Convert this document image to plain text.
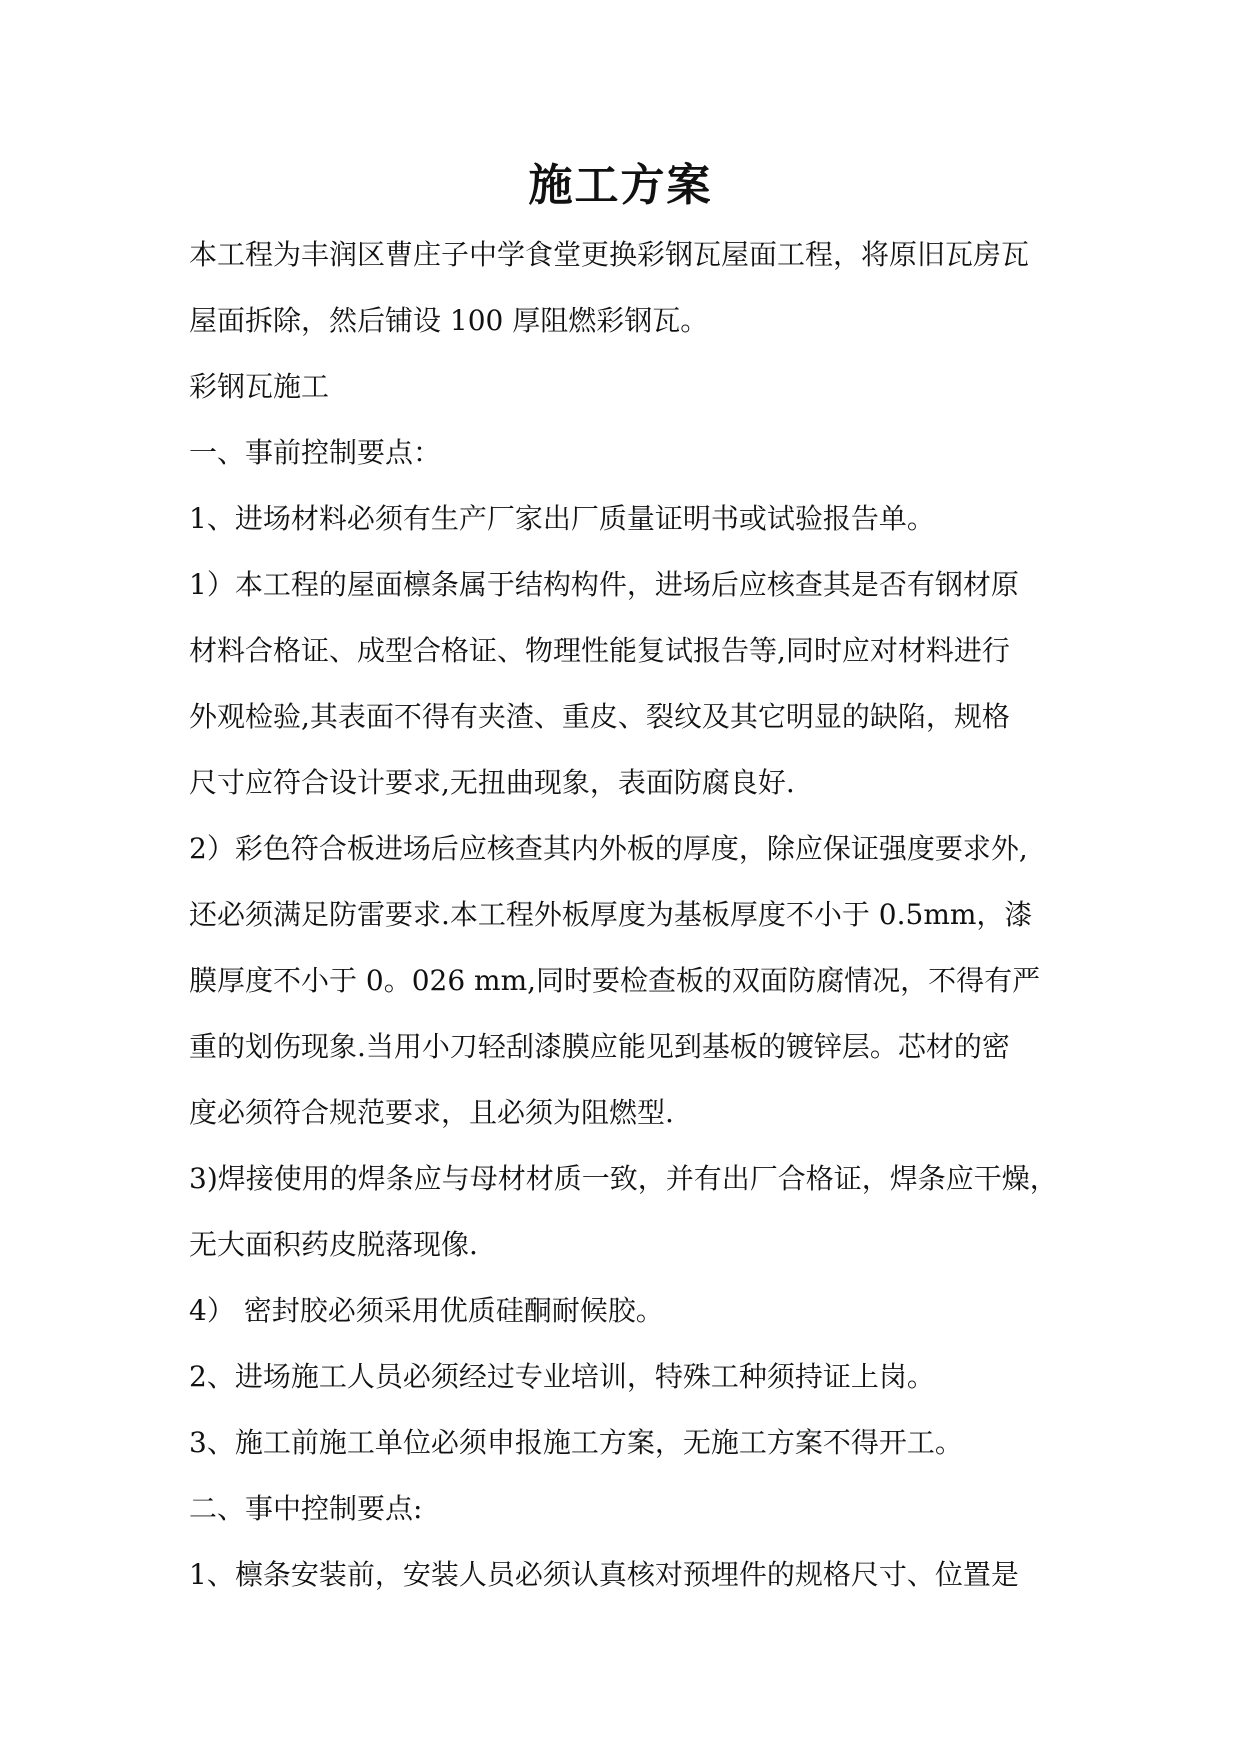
施工方案
本工程为丰润区曹庄子中学食堂更换彩钢瓦屋面工程，将原旧瓦房瓦
屋面拆除，然后铺设 100 厚阻燃彩钢瓦。
彩钢瓦施工
一、事前控制要点：
1、进场材料必须有生产厂家出厂质量证明书或试验报告单。
1）本工程的屋面檩条属于结构构件，进场后应核查其是否有钢材原
材料合格证、成型合格证、物理性能复试报告等,同时应对材料进行
外观检验,其表面不得有夹渣、重皮、裂纹及其它明显的缺陷，规格
尺寸应符合设计要求,无扭曲现象，表面防腐良好.
2）彩色符合板进场后应核查其内外板的厚度，除应保证强度要求外,
还必须满足防雷要求.本工程外板厚度为基板厚度不小于 0.5mm，漆
膜厚度不小于 0。026 mm,同时要检查板的双面防腐情况，不得有严
重的划伤现象.当用小刀轻刮漆膜应能见到基板的镀锌层。芯材的密
度必须符合规范要求，且必须为阻燃型.
3)焊接使用的焊条应与母材材质一致，并有出厂合格证，焊条应干燥，
无大面积药皮脱落现像.
4） 密封胶必须采用优质硅酮耐候胶。
2、进场施工人员必须经过专业培训，特殊工种须持证上岗。
3、施工前施工单位必须申报施工方案，无施工方案不得开工。
二、事中控制要点:
1、檩条安装前，安装人员必须认真核对预埋件的规格尺寸、位置是
